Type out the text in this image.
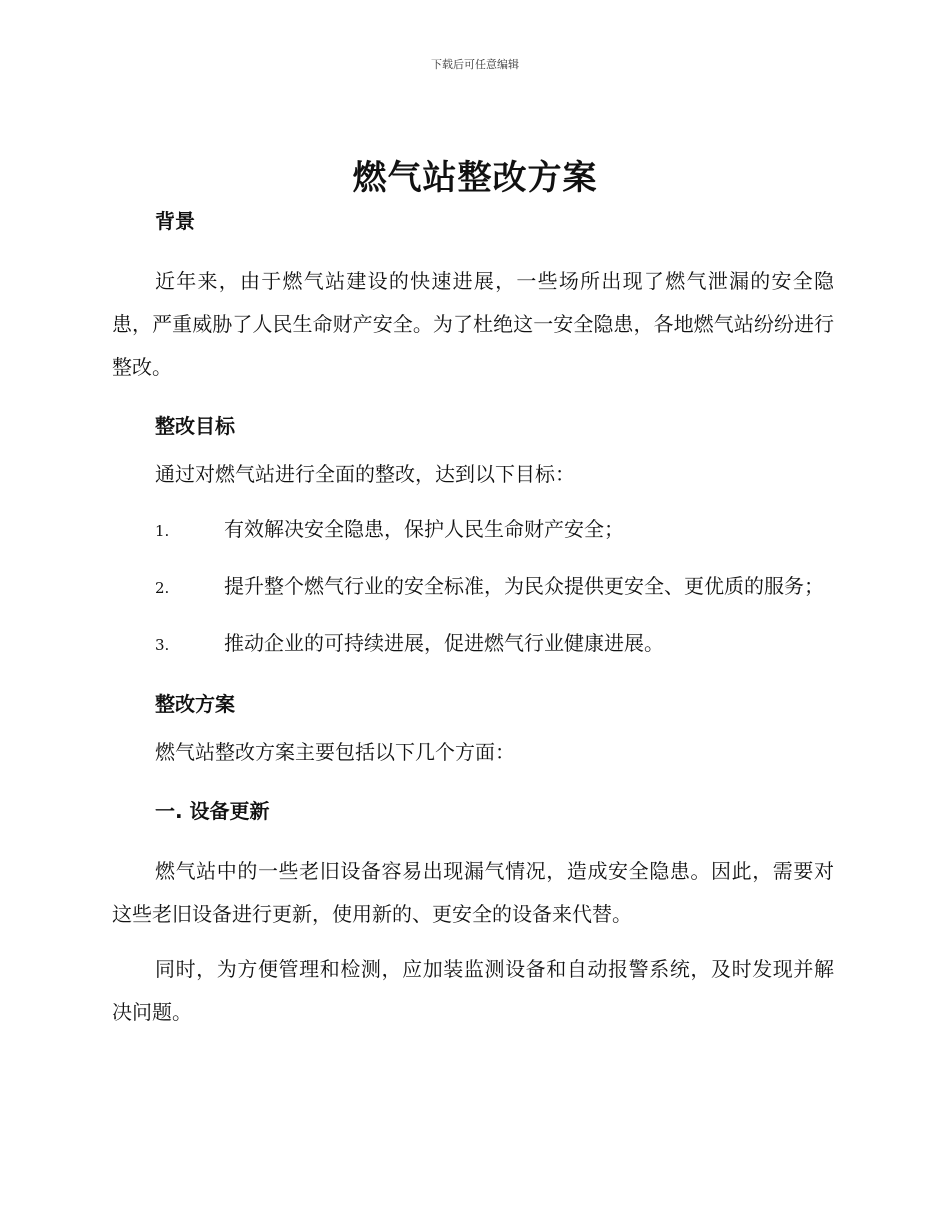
下载后可任意编辑
燃气站整改方案
背景
近年来，由于燃气站建设的快速进展，一些场所出现了燃气泄漏的安全隐患，严重威胁了人民生命财产安全。为了杜绝这一安全隐患，各地燃气站纷纷进行整改。
整改目标
通过对燃气站进行全面的整改，达到以下目标：
1.	有效解决安全隐患，保护人民生命财产安全；
2.	提升整个燃气行业的安全标准，为民众提供更安全、更优质的服务；
3.	推动企业的可持续进展，促进燃气行业健康进展。
整改方案
燃气站整改方案主要包括以下几个方面：
一. 设备更新
燃气站中的一些老旧设备容易出现漏气情况，造成安全隐患。因此，需要对这些老旧设备进行更新，使用新的、更安全的设备来代替。
同时，为方便管理和检测，应加装监测设备和自动报警系统，及时发现并解决问题。
